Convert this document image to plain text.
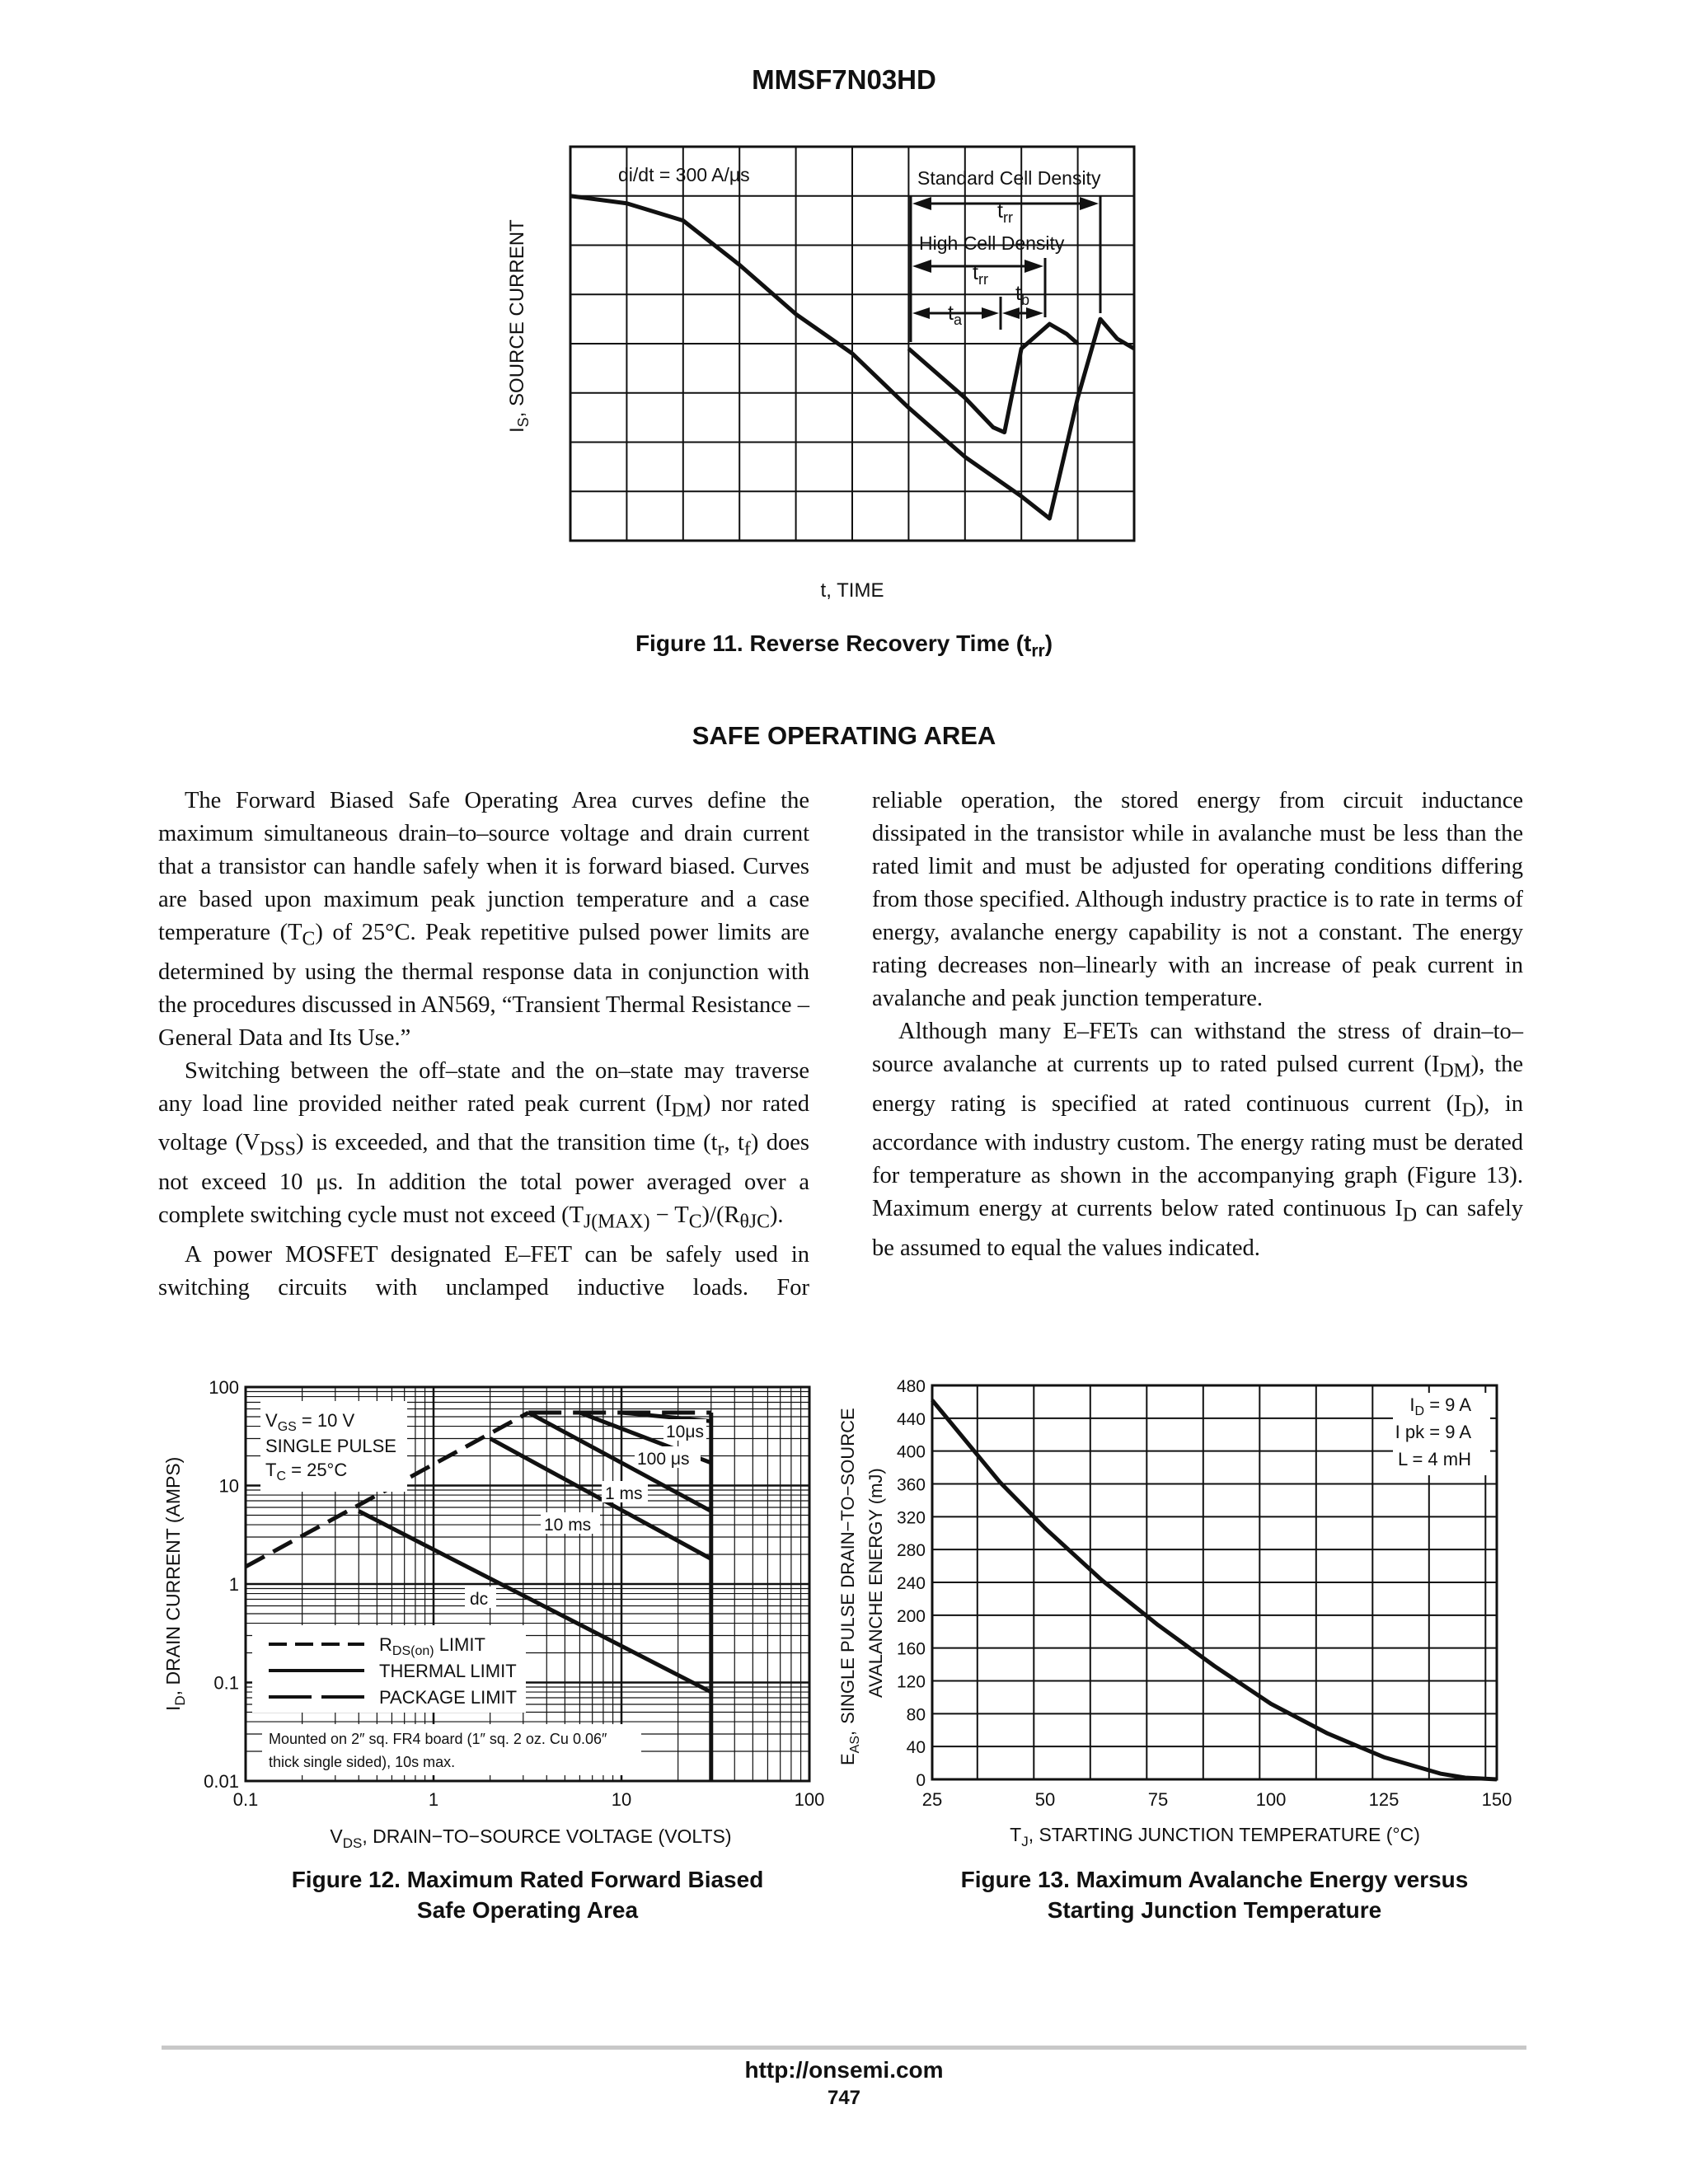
MMSF7N03HD
di/dt = 300 A/μs	Standard Cell Density
High Cell Density
$t_{rr}$
$t_{rr}$
$t_a$
$t_b$
$I_S$, SOURCE CURRENT
t, TIME
Figure 11. Reverse Recovery Time $(t_{rr})$
SAFE OPERATING AREA

The Forward Biased Safe Operating Area curves define the maximum simultaneous drain–to–source voltage and drain current that a transistor can handle safely when it is forward biased. Curves are based upon maximum peak junction temperature and a case temperature $(T_C)$ of 25°C. Peak repetitive pulsed power limits are determined by using the thermal response data in conjunction with the procedures discussed in AN569, “Transient Thermal Resistance – General Data and Its Use.”

Switching between the off–state and the on–state may traverse any load line provided neither rated peak current $(I_{DM})$ nor rated voltage $(V_{DSS})$ is exceeded, and that the transition time ($t_r$, $t_f$) does not exceed 10 μs. In addition the total power averaged over a complete switching cycle must not exceed $(T_{J(MAX)} - T_C)/(R_{\theta JC})$.

A power MOSFET designated E–FET can be safely used in switching circuits with unclamped inductive loads. For

reliable operation, the stored energy from circuit inductance dissipated in the transistor while in avalanche must be less than the rated limit and must be adjusted for operating conditions differing from those specified. Although industry practice is to rate in terms of energy, avalanche energy capability is not a constant. The energy rating decreases non–linearly with an increase of peak current in avalanche and peak junction temperature.

Although many E–FETs can withstand the stress of drain–to–source avalanche at currents up to rated pulsed current $(I_{DM})$, the energy rating is specified at rated continuous current $(I_D)$, in accordance with industry custom. The energy rating must be derated for temperature as shown in the accompanying graph (Figure 13). Maximum energy at currents below rated continuous $I_D$ can safely be assumed to equal the values indicated.

100
10
1
0.1
0.01
0.1	1	10	100
$V_{GS} = 10$ V
SINGLE PULSE
$T_C = 25^\circ C$
10μs
100 μs
1 ms
10 ms
dc
$R_{DS(on)}$ LIMIT
THERMAL LIMIT
PACKAGE LIMIT
Mounted on 2″ sq. FR4 board (1″ sq. 2 oz. Cu 0.06″
thick single sided), 10s max.
$V_{DS}$, DRAIN−TO−SOURCE VOLTAGE (VOLTS)
$I_D$, DRAIN CURRENT (AMPS)
Figure 12. Maximum Rated Forward Biased
Safe Operating Area
480
440
400
360
320
280
240
200
160
120
80
40
0
25	50	75	100	125	150
$I_D = 9$ A
I pk = 9 A
L = 4 mH
$E_{AS},SINGLE$ PULSE DRAIN−TO−SOURCE AVALANCHE ENERGY (mJ)
$T_J$, STARTING JUNCTION TEMPERATURE (°C)
Figure 13. Maximum Avalanche Energy versus
Starting Junction Temperature
http://onsemi.com
747
